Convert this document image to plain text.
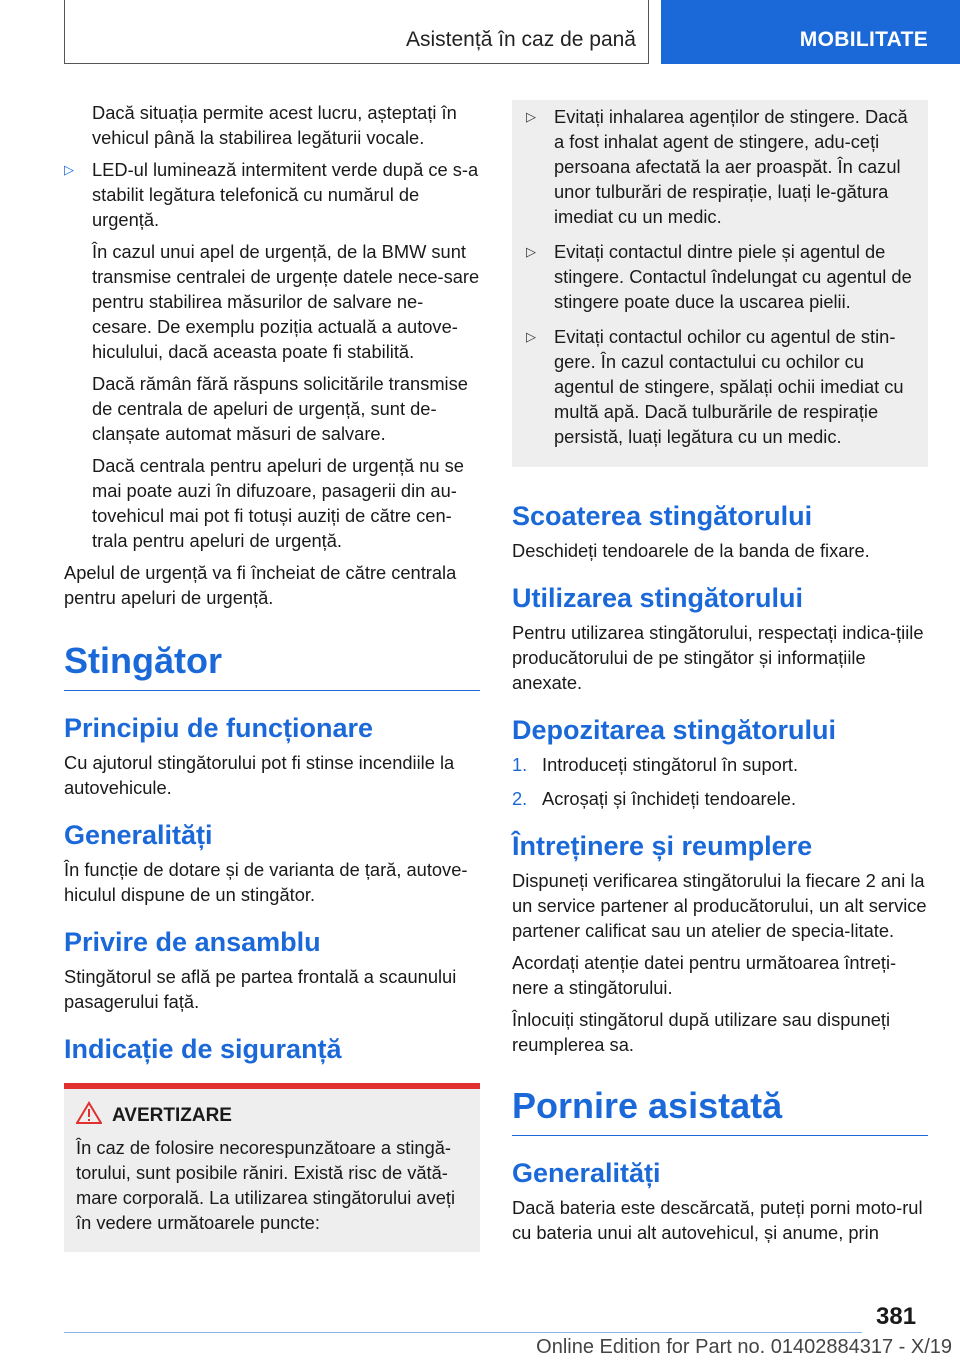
Asistență în caz de pană	MOBILITATE

Dacă situația permite acest lucru, așteptați în vehicul până la stabilirea legăturii vocale.

▷ LED-ul luminează intermitent verde după ce s-a stabilit legătura telefonică cu numărul de urgență.

În cazul unui apel de urgență, de la BMW sunt transmise centralei de urgențe datele nece-sare pentru stabilirea măsurilor de salvare ne-cesare. De exemplu poziția actuală a autove-hiculului, dacă aceasta poate fi stabilită.

Dacă rămân fără răspuns solicitările transmise de centrala de apeluri de urgență, sunt de-clanșate automat măsuri de salvare.

Dacă centrala pentru apeluri de urgență nu se mai poate auzi în difuzoare, pasagerii din au-tovehicul mai pot fi totuși auziți de către cen-trala pentru apeluri de urgență.

Apelul de urgență va fi încheiat de către centrala pentru apeluri de urgență.

Stingător
Principiu de funcționare

Cu ajutorul stingătorului pot fi stinse incendiile la autovehicule.

Generalități

În funcție de dotare și de varianta de țară, autove-hiculul dispune de un stingător.

Privire de ansamblu

Stingătorul se află pe partea frontală a scaunului pasagerului față.

Indicație de siguranță
AVERTIZARE

În caz de folosire necorespunzătoare a stingă-torului, sunt posibile răniri. Există risc de vătă-mare corporală. La utilizarea stingătorului aveți în vedere următoarele puncte:

▷ Evitați inhalarea agenților de stingere. Dacă a fost inhalat agent de stingere, adu-ceți persoana afectată la aer proaspăt. În cazul unor tulburări de respirație, luați le-gătura imediat cu un medic.
▷ Evitați contactul dintre piele și agentul de stingere. Contactul îndelungat cu agentul de stingere poate duce la uscarea pielii.
▷ Evitați contactul ochilor cu agentul de stin-gere. În cazul contactului cu ochilor cu agentul de stingere, spălați ochii imediat cu multă apă. Dacă tulburările de respirație persistă, luați legătura cu un medic.
Scoaterea stingătorului

Deschideți tendoarele de la banda de fixare.

Utilizarea stingătorului

Pentru utilizarea stingătorului, respectați indica-țiile producătorului de pe stingător și informațiile anexate.

Depozitarea stingătorului
1. Introduceți stingătorul în suport.
2. Acroșați și închideți tendoarele.
Întreținere și reumplere

Dispuneți verificarea stingătorului la fiecare 2 ani la un service partener al producătorului, un alt service partener calificat sau un atelier de specia-litate.

Acordați atenție datei pentru următoarea întreți-nere a stingătorului.

Înlocuiți stingătorul după utilizare sau dispuneți reumplerea sa.

Pornire asistată
Generalități

Dacă bateria este descărcată, puteți porni moto-rul cu bateria unui alt autovehicul, și anume, prin

381
Online Edition for Part no. 01402884317 - X/19
